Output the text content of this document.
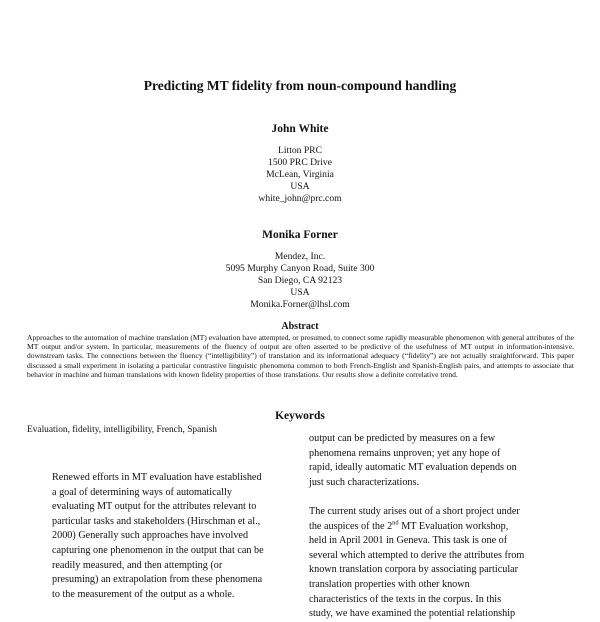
Predicting MT fidelity from noun-compound handling
John White
Litton PRC
1500 PRC Drive
McLean, Virginia
USA
white_john@prc.com
Monika Forner
Mendez, Inc.
5095 Murphy Canyon Road, Suite 300
San Diego, CA 92123
USA
Monika.Forner@lhsl.com
Abstract
Approaches to the automation of machine translation (MT) evaluation have attempted, or presumed, to connect some rapidly measurable phenomenon with general attributes of the MT output and/or system. In particular, measurements of the fluency of output are often asserted to be predictive of the usefulness of MT output in information-intensive, downstream tasks. The connections between the fluency (“intelligibility”) of translation and its informational adequacy (“fidelity”) are not actually straightforward. This paper discussed a small experiment in isolating a particular contrastive linguistic phenomena common to both French-English and Spanish-English pairs, and attempts to associate that behavior in machine and human translations with known fidelity properties of those translations. Our results show a definite correlative trend.
Keywords
Evaluation, fidelity, intelligibility, French, Spanish
Renewed efforts in MT evaluation have established
a goal of determining ways of automatically
evaluating MT output for the attributes relevant to
particular tasks and stakeholders (Hirschman et al.,
2000) Generally such approaches have involved
capturing one phenomenon in the output that can be
readily measured, and then attempting (or
presuming) an extrapolation from these phenomena
to the measurement of the output as a whole.
output can be predicted by measures on a few
phenomena remains unproven; yet any hope of
rapid, ideally automatic MT evaluation depends on
just such characterizations.
The current study arises out of a short project under
the auspices of the 2nd MT Evaluation workshop,
held in April 2001 in Geneva. This task is one of
several which attempted to derive the attributes from
known translation corpora by associating particular
translation properties with other known
characteristics of the texts in the corpus. In this
study, we have examined the potential relationship
